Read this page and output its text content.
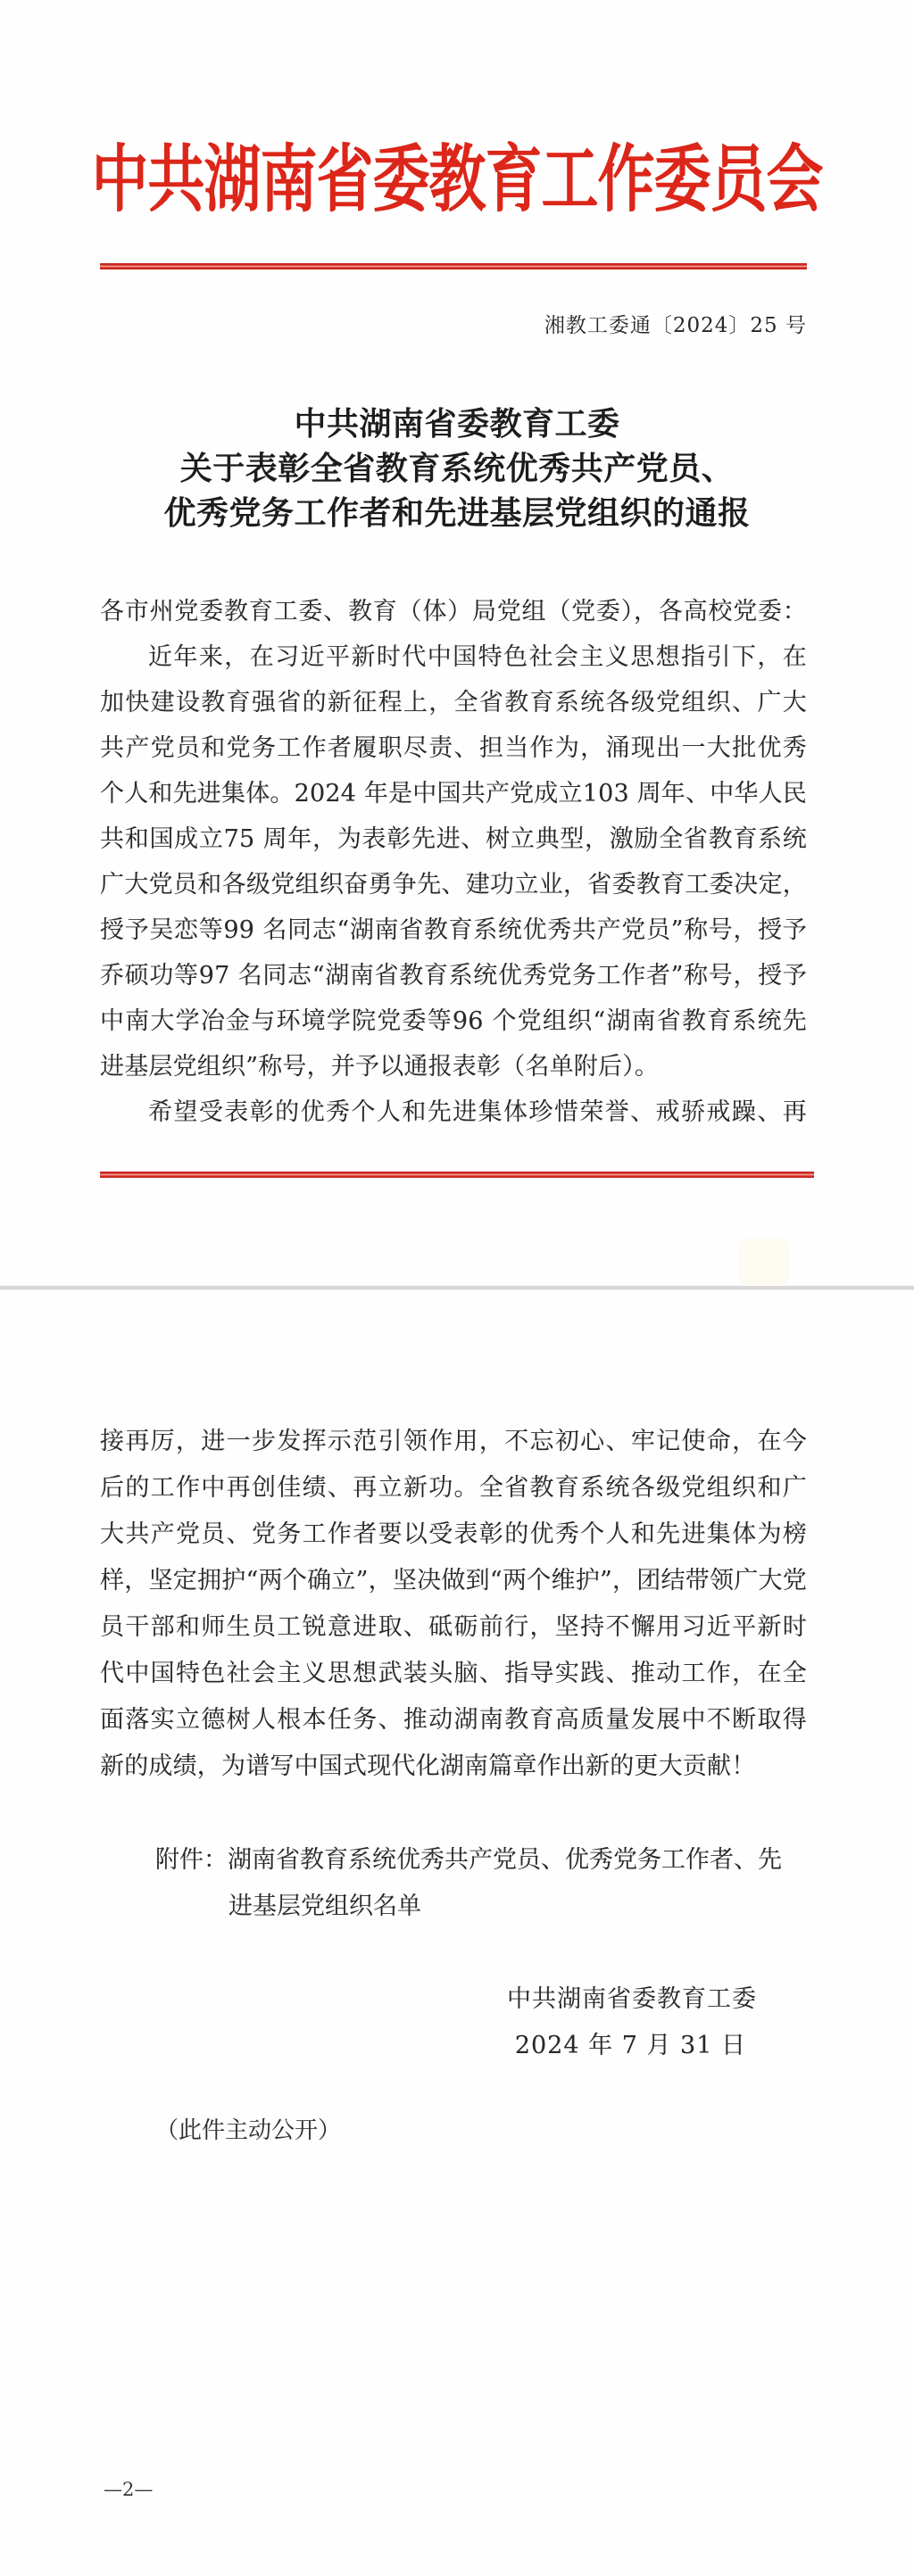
中共湖南省委教育工作委员会
湘教工委通〔2024〕25 号
中共湖南省委教育工委
关于表彰全省教育系统优秀共产党员、
优秀党务工作者和先进基层党组织的通报
各市州党委教育工委、教育（体）局党组（党委），各高校党委：
近年来，在习近平新时代中国特色社会主义思想指引下，在
加快建设教育强省的新征程上，全省教育系统各级党组织、广大
共产党员和党务工作者履职尽责、担当作为，涌现出一大批优秀
个人和先进集体。2024 年是中国共产党成立103 周年、中华人民
共和国成立75 周年，为表彰先进、树立典型，激励全省教育系统
广大党员和各级党组织奋勇争先、建功立业，省委教育工委决定，
授予吴恋等99 名同志“湖南省教育系统优秀共产党员”称号，授予
乔硕功等97 名同志“湖南省教育系统优秀党务工作者”称号，授予
中南大学冶金与环境学院党委等96 个党组织“湖南省教育系统先
进基层党组织”称号，并予以通报表彰（名单附后）。
希望受表彰的优秀个人和先进集体珍惜荣誉、戒骄戒躁、再
接再厉，进一步发挥示范引领作用，不忘初心、牢记使命，在今
后的工作中再创佳绩、再立新功。全省教育系统各级党组织和广
大共产党员、党务工作者要以受表彰的优秀个人和先进集体为榜
样，坚定拥护“两个确立”，坚决做到“两个维护”，团结带领广大党
员干部和师生员工锐意进取、砥砺前行，坚持不懈用习近平新时
代中国特色社会主义思想武装头脑、指导实践、推动工作，在全
面落实立德树人根本任务、推动湖南教育高质量发展中不断取得
新的成绩，为谱写中国式现代化湖南篇章作出新的更大贡献！
附件：湖南省教育系统优秀共产党员、优秀党务工作者、先
进基层党组织名单
中共湖南省委教育工委
2024 年 7 月 31 日
（此件主动公开）
—2—
